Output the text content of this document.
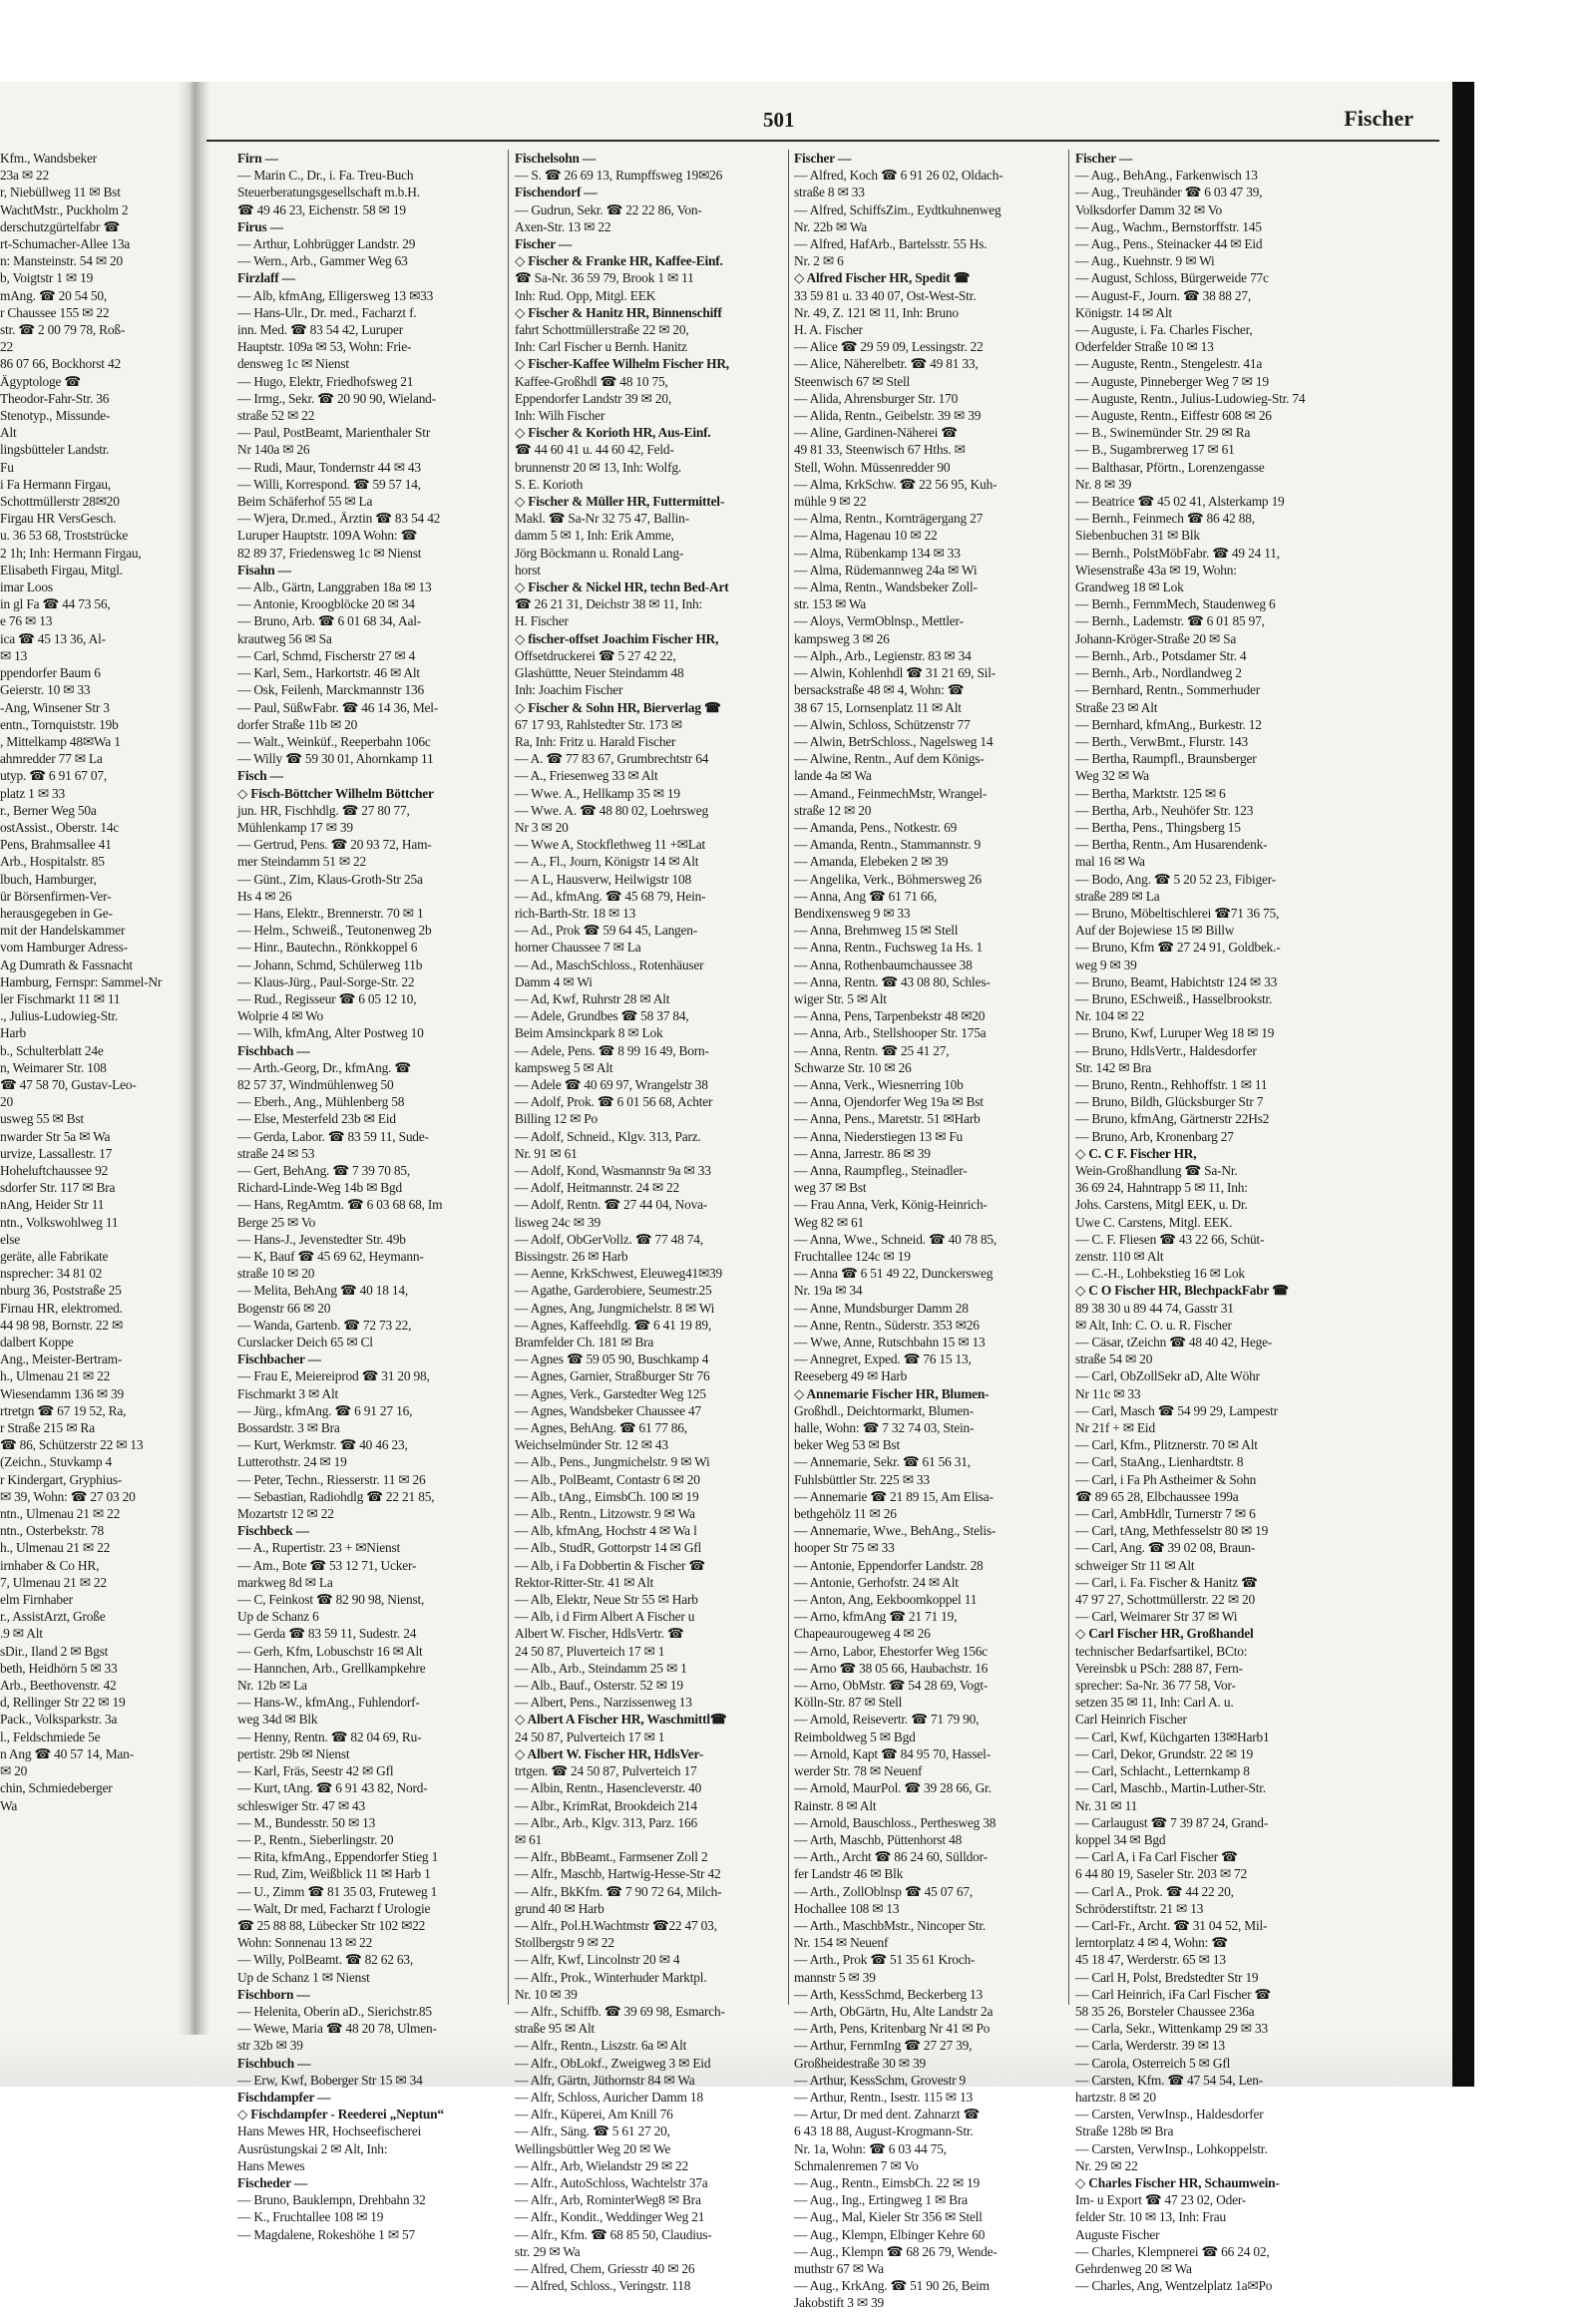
501	Fischer
Kfm., Wandsbeker
23a ✉ 22
r, Niebüllweg 11 ✉ Bst
WachtMstr., Puckholm 2
derschutzgürtelfabr ☎
rt-Schumacher-Allee 13a
n: Mansteinstr. 54 ✉ 20
b, Voigtstr 1 ✉ 19
mAng. ☎ 20 54 50,
r Chaussee 155 ✉ 22
str. ☎ 2 00 79 78, Roß-
22
86 07 66, Bockhorst 42
Ägyptologe ☎
Theodor-Fahr-Str. 36
Stenotyp., Missunde-
Alt
lingsbütteler Landstr.
Fu
i Fa Hermann Firgau,
Schottmüllerstr 28✉20
Firgau HR VersGesch.
u. 36 53 68, Troststrücke
2 1h; Inh: Hermann Firgau,
Elisabeth Firgau, Mitgl.
imar Loos
in gl Fa ☎ 44 73 56,
e 76 ✉ 13
ica ☎ 45 13 36, Al-
✉ 13
ppendorfer Baum 6
Geierstr. 10 ✉ 33
-Ang, Winsener Str 3
entn., Tornquiststr. 19b
, Mittelkamp 48✉Wa 1
ahmredder 77 ✉ La
utyp. ☎ 6 91 67 07,
platz 1 ✉ 33
r., Berner Weg 50a
ostAssist., Oberstr. 14c
Pens, Brahmsallee 41
Arb., Hospitalstr. 85
lbuch, Hamburger,
ür Börsenfirmen-Ver-
herausgegeben in Ge-
mit der Handelskammer
vom Hamburger Adress-
Ag Dumrath & Fassnacht
Hamburg, Fernspr: Sammel-Nr
ler Fischmarkt 11 ✉ 11
., Julius-Ludowieg-Str.
Harb
b., Schulterblatt 24e
n, Weimarer Str. 108
☎ 47 58 70, Gustav-Leo-
20
usweg 55 ✉ Bst
nwarder Str 5a ✉ Wa
urvize, Lassallestr. 17
Hoheluftchaussee 92
sdorfer Str. 117 ✉ Bra
nAng, Heider Str 11
ntn., Volkswohlweg 11
else
geräte, alle Fabrikate
nsprecher: 34 81 02
nburg 36, Poststraße 25
Firnau HR, elektromed.
44 98 98, Bornstr. 22 ✉
dalbert Koppe
Ang., Meister-Bertram-
h., Ulmenau 21 ✉ 22
Wiesendamm 136 ✉ 39
rtretgn ☎ 67 19 52, Ra,
r Straße 215 ✉ Ra
☎ 86, Schützerstr 22 ✉ 13
(Zeichn., Stuvkamp 4
r Kindergart, Gryphius-
✉ 39, Wohn: ☎ 27 03 20
ntn., Ulmenau 21 ✉ 22
ntn., Osterbekstr. 78
h., Ulmenau 21 ✉ 22
irnhaber & Co HR,
7, Ulmenau 21 ✉ 22
elm Firnhaber
r., AssistArzt, Große
.9 ✉ Alt
sDir., Iland 2 ✉ Bgst
beth, Heidhörn 5 ✉ 33
Arb., Beethovenstr. 42
d, Rellinger Str 22 ✉ 19
Pack., Volksparkstr. 3a
l., Feldschmiede 5e
n Ang ☎ 40 57 14, Man-
✉ 20
chin, Schmiedeberger
Wa
Firn —
— Marin C., Dr., i. Fa. Treu-Buch
Steuerberatungsgesellschaft m.b.H.
☎ 49 46 23, Eichenstr. 58 ✉ 19
Firus —
— Arthur, Lohbrügger Landstr. 29
— Wern., Arb., Gammer Weg 63
Firzlaff —
— Alb, kfmAng, Elligersweg 13 ✉33
— Hans-Ulr., Dr. med., Facharzt f.
inn. Med. ☎ 83 54 42, Luruper
Hauptstr. 109a ✉ 53, Wohn: Frie-
densweg 1c ✉ Nienst
— Hugo, Elektr, Friedhofsweg 21
— Irmg., Sekr. ☎ 20 90 90, Wieland-
straße 52 ✉ 22
— Paul, PostBeamt, Marienthaler Str
Nr 140a ✉ 26
— Rudi, Maur, Tondernstr 44 ✉ 43
— Willi, Korrespond. ☎ 59 57 14,
Beim Schäferhof 55 ✉ La
— Wjera, Dr.med., Ärztin ☎ 83 54 42
Luruper Hauptstr. 109A Wohn: ☎
82 89 37, Friedensweg 1c ✉ Nienst
Fisahn —
— Alb., Gärtn, Langgraben 18a ✉ 13
— Antonie, Kroogblöcke 20 ✉ 34
— Bruno, Arb. ☎ 6 01 68 34, Aal-
krautweg 56 ✉ Sa
— Carl, Schmd, Fischerstr 27 ✉ 4
— Karl, Sem., Harkortstr. 46 ✉ Alt
— Osk, Feilenh, Marckmannstr 136
— Paul, SüßwFabr. ☎ 46 14 36, Mel-
dorfer Straße 11b ✉ 20
— Walt., Weinküf., Reeperbahn 106c
— Willy ☎ 59 30 01, Ahornkamp 11
Fisch —
◇ Fisch-Böttcher Wilhelm Böttcher
jun. HR, Fischhdlg. ☎ 27 80 77,
Mühlenkamp 17 ✉ 39
— Gertrud, Pens. ☎ 20 93 72, Ham-
mer Steindamm 51 ✉ 22
— Günt., Zim, Klaus-Groth-Str 25a
Hs 4 ✉ 26
— Hans, Elektr., Brennerstr. 70 ✉ 1
— Helm., Schweiß., Teutonenweg 2b
— Hinr., Bautechn., Rönkkoppel 6
— Johann, Schmd, Schülerweg 11b
— Klaus-Jürg., Paul-Sorge-Str. 22
— Rud., Regisseur ☎ 6 05 12 10,
Wolprie 4 ✉ Wo
— Wilh, kfmAng, Alter Postweg 10
Fischbach —
— Arth.-Georg, Dr., kfmAng. ☎
82 57 37, Windmühlenweg 50
— Eberh., Ang., Mühlenberg 58
— Else, Mesterfeld 23b ✉ Eid
— Gerda, Labor. ☎ 83 59 11, Sude-
straße 24 ✉ 53
— Gert, BehAng. ☎ 7 39 70 85,
Richard-Linde-Weg 14b ✉ Bgd
— Hans, RegAmtm. ☎ 6 03 68 68, Im
Berge 25 ✉ Vo
— Hans-J., Jevenstedter Str. 49b
— K, Bauf ☎ 45 69 62, Heymann-
straße 10 ✉ 20
— Melita, BehAng ☎ 40 18 14,
Bogenstr 66 ✉ 20
— Wanda, Gartenb. ☎ 72 73 22,
Curslacker Deich 65 ✉ Cl
Fischbacher —
— Frau E, Meiereiprod ☎ 31 20 98,
Fischmarkt 3 ✉ Alt
— Jürg., kfmAng. ☎ 6 91 27 16,
Bossardstr. 3 ✉ Bra
— Kurt, Werkmstr. ☎ 40 46 23,
Lutterothstr. 24 ✉ 19
— Peter, Techn., Riesserstr. 11 ✉ 26
— Sebastian, Radiohdlg ☎ 22 21 85,
Mozartstr 12 ✉ 22
Fischbeck —
— A., Rupertistr. 23 + ✉Nienst
— Am., Bote ☎ 53 12 71, Ucker-
markweg 8d ✉ La
— C, Feinkost ☎ 82 90 98, Nienst,
Up de Schanz 6
— Gerda ☎ 83 59 11, Sudestr. 24
— Gerh, Kfm, Lobuschstr 16 ✉ Alt
— Hannchen, Arb., Grellkampkehre
Nr. 12b ✉ La
— Hans-W., kfmAng., Fuhlendorf-
weg 34d ✉ Blk
— Henny, Rentn. ☎ 82 04 69, Ru-
pertistr. 29b ✉ Nienst
— Karl, Fräs, Seestr 42 ✉ Gfl
— Kurt, tAng. ☎ 6 91 43 82, Nord-
schleswiger Str. 47 ✉ 43
— M., Bundesstr. 50 ✉ 13
— P., Rentn., Sieberlingstr. 20
— Rita, kfmAng., Eppendorfer Stieg 1
— Rud, Zim, Weißblick 11 ✉ Harb 1
— U., Zimm ☎ 81 35 03, Fruteweg 1
— Walt, Dr med, Facharzt f Urologie
☎ 25 88 88, Lübecker Str 102 ✉22
Wohn: Sonnenau 13 ✉ 22
— Willy, PolBeamt. ☎ 82 62 63,
Up de Schanz 1 ✉ Nienst
Fischborn —
— Helenita, Oberin aD., Sierichstr.85
— Wewe, Maria ☎ 48 20 78, Ulmen-
str 32b ✉ 39
Fischbuch —
— Erw, Kwf, Boberger Str 15 ✉ 34
Fischdampfer —
◇ Fischdampfer - Reederei „Neptun“
Hans Mewes HR, Hochseefischerei
Ausrüstungskai 2 ✉ Alt, Inh:
Hans Mewes
Fischeder —
— Bruno, Bauklempn, Drehbahn 32
— K., Fruchtallee 108 ✉ 19
— Magdalene, Rokeshöhe 1 ✉ 57
Fischelsohn —
— S. ☎ 26 69 13, Rumpffsweg 19✉26
Fischendorf —
— Gudrun, Sekr. ☎ 22 22 86, Von-
Axen-Str. 13 ✉ 22
Fischer —
◇ Fischer & Franke HR, Kaffee-Einf.
☎ Sa-Nr. 36 59 79, Brook 1 ✉ 11
Inh: Rud. Opp, Mitgl. EEK
◇ Fischer & Hanitz HR, Binnenschiff
fahrt Schottmüllerstraße 22 ✉ 20,
Inh: Carl Fischer u Bernh. Hanitz
◇ Fischer-Kaffee Wilhelm Fischer HR,
Kaffee-Großhdl ☎ 48 10 75,
Eppendorfer Landstr 39 ✉ 20,
Inh: Wilh Fischer
◇ Fischer & Korioth HR, Aus-Einf.
☎ 44 60 41 u. 44 60 42, Feld-
brunnenstr 20 ✉ 13, Inh: Wolfg.
S. E. Korioth
◇ Fischer & Müller HR, Futtermittel-
Makl. ☎ Sa-Nr 32 75 47, Ballin-
damm 5 ✉ 1, Inh: Erik Amme,
Jörg Böckmann u. Ronald Lang-
horst
◇ Fischer & Nickel HR, techn Bed-Art
☎ 26 21 31, Deichstr 38 ✉ 11, Inh:
H. Fischer
◇ fischer-offset Joachim Fischer HR,
Offsetdruckerei ☎ 5 27 42 22,
Glashüttte, Neuer Steindamm 48
Inh: Joachim Fischer
◇ Fischer & Sohn HR, Bierverlag ☎
67 17 93, Rahlstedter Str. 173 ✉
Ra, Inh: Fritz u. Harald Fischer
— A. ☎ 77 83 67, Grumbrechtstr 64
— A., Friesenweg 33 ✉ Alt
— Wwe. A., Hellkamp 35 ✉ 19
— Wwe. A. ☎ 48 80 02, Loehrsweg
Nr 3 ✉ 20
— Wwe A, Stockflethweg 11 +✉Lat
— A., Fl., Journ, Königstr 14 ✉ Alt
— A L, Hausverw, Heilwigstr 108
— Ad., kfmAng. ☎ 45 68 79, Hein-
rich-Barth-Str. 18 ✉ 13
— Ad., Prok ☎ 59 64 45, Langen-
horner Chaussee 7 ✉ La
— Ad., MaschSchloss., Rotenhäuser
Damm 4 ✉ Wi
— Ad, Kwf, Ruhrstr 28 ✉ Alt
— Adele, Grundbes ☎ 58 37 84,
Beim Amsinckpark 8 ✉ Lok
— Adele, Pens. ☎ 8 99 16 49, Born-
kampsweg 5 ✉ Alt
— Adele ☎ 40 69 97, Wrangelstr 38
— Adolf, Prok. ☎ 6 01 56 68, Achter
Billing 12 ✉ Po
— Adolf, Schneid., Klgv. 313, Parz.
Nr. 91 ✉ 61
— Adolf, Kond, Wasmannstr 9a ✉ 33
— Adolf, Heitmannstr. 24 ✉ 22
— Adolf, Rentn. ☎ 27 44 04, Nova-
lisweg 24c ✉ 39
— Adolf, ObGerVollz. ☎ 77 48 74,
Bissingstr. 26 ✉ Harb
— Aenne, KrkSchwest, Eleuweg41✉39
— Agathe, Garderobiere, Seumestr.25
— Agnes, Ang, Jungmichelstr. 8 ✉ Wi
— Agnes, Kaffeehdlg. ☎ 6 41 19 89,
Bramfelder Ch. 181 ✉ Bra
— Agnes ☎ 59 05 90, Buschkamp 4
— Agnes, Garnier, Straßburger Str 76
— Agnes, Verk., Garstedter Weg 125
— Agnes, Wandsbeker Chaussee 47
— Agnes, BehAng. ☎ 61 77 86,
Weichselmünder Str. 12 ✉ 43
— Alb., Pens., Jungmichelstr. 9 ✉ Wi
— Alb., PolBeamt, Contastr 6 ✉ 20
— Alb., tAng., EimsbCh. 100 ✉ 19
— Alb., Rentn., Litzowstr. 9 ✉ Wa
— Alb, kfmAng, Hochstr 4 ✉ Wa l
— Alb., StudR, Gottorpstr 14 ✉ Gfl
— Alb, i Fa Dobbertin & Fischer ☎
Rektor-Ritter-Str. 41 ✉ Alt
— Alb, Elektr, Neue Str 55 ✉ Harb
— Alb, i d Firm Albert A Fischer u
Albert W. Fischer, HdlsVertr. ☎
24 50 87, Pluverteich 17 ✉ 1
— Alb., Arb., Steindamm 25 ✉ 1
— Alb., Bauf., Osterstr. 52 ✉ 19
— Albert, Pens., Narzissenweg 13
◇ Albert A Fischer HR, Waschmittl☎
24 50 87, Pulverteich 17 ✉ 1
◇ Albert W. Fischer HR, HdlsVer-
trtgen. ☎ 24 50 87, Pulverteich 17
— Albin, Rentn., Hasencleverstr. 40
— Albr., KrimRat, Brookdeich 214
— Albr., Arb., Klgv. 313, Parz. 166
✉ 61
— Alfr., BbBeamt., Farmsener Zoll 2
— Alfr., Maschb, Hartwig-Hesse-Str 42
— Alfr., BkKfm. ☎ 7 90 72 64, Milch-
grund 40 ✉ Harb
— Alfr., Pol.H.Wachtmstr ☎22 47 03,
Stollbergstr 9 ✉ 22
— Alfr, Kwf, Lincolnstr 20 ✉ 4
— Alfr., Prok., Winterhuder Marktpl.
Nr. 10 ✉ 39
— Alfr., Schiffb. ☎ 39 69 98, Esmarch-
straße 95 ✉ Alt
— Alfr., Rentn., Liszstr. 6a ✉ Alt
— Alfr., ObLokf., Zweigweg 3 ✉ Eid
— Alfr, Gärtn, Jüthornstr 84 ✉ Wa
— Alfr, Schloss, Auricher Damm 18
— Alfr., Küperei, Am Knill 76
— Alfr., Säng. ☎ 5 61 27 20,
Wellingsbüttler Weg 20 ✉ We
— Alfr., Arb, Wielandstr 29 ✉ 22
— Alfr., AutoSchloss, Wachtelstr 37a
— Alfr., Arb, RominterWeg8 ✉ Bra
— Alfr., Kondit., Weddinger Weg 21
— Alfr., Kfm. ☎ 68 85 50, Claudius-
str. 29 ✉ Wa
— Alfred, Chem, Griesstr 40 ✉ 26
— Alfred, Schloss., Veringstr. 118
Fischer —
— Alfred, Koch ☎ 6 91 26 02, Oldach-
straße 8 ✉ 33
— Alfred, SchiffsZim., Eydtkuhnenweg
Nr. 22b ✉ Wa
— Alfred, HafArb., Bartelsstr. 55 Hs.
Nr. 2 ✉ 6
◇ Alfred Fischer HR, Spedit ☎
33 59 81 u. 33 40 07, Ost-West-Str.
Nr. 49, Z. 121 ✉ 11, Inh: Bruno
H. A. Fischer
— Alice ☎ 29 59 09, Lessingstr. 22
— Alice, Näherelbetr. ☎ 49 81 33,
Steenwisch 67 ✉ Stell
— Alida, Ahrensburger Str. 170
— Alida, Rentn., Geibelstr. 39 ✉ 39
— Aline, Gardinen-Näherei ☎
49 81 33, Steenwisch 67 Hths. ✉
Stell, Wohn. Müssenredder 90
— Alma, KrkSchw. ☎ 22 56 95, Kuh-
mühle 9 ✉ 22
— Alma, Rentn., Kornträgergang 27
— Alma, Hagenau 10 ✉ 22
— Alma, Rübenkamp 134 ✉ 33
— Alma, Rüdemannweg 24a ✉ Wi
— Alma, Rentn., Wandsbeker Zoll-
str. 153 ✉ Wa
— Aloys, VermOblnsp., Mettler-
kampsweg 3 ✉ 26
— Alph., Arb., Legienstr. 83 ✉ 34
— Alwin, Kohlenhdl ☎ 31 21 69, Sil-
bersackstraße 48 ✉ 4, Wohn: ☎
38 67 15, Lornsenplatz 11 ✉ Alt
— Alwin, Schloss, Schützenstr 77
— Alwin, BetrSchloss., Nagelsweg 14
— Alwine, Rentn., Auf dem Königs-
lande 4a ✉ Wa
— Amand., FeinmechMstr, Wrangel-
straße 12 ✉ 20
— Amanda, Pens., Notkestr. 69
— Amanda, Rentn., Stammannstr. 9
— Amanda, Elebeken 2 ✉ 39
— Angelika, Verk., Böhmersweg 26
— Anna, Ang ☎ 61 71 66,
Bendixensweg 9 ✉ 33
— Anna, Brehmweg 15 ✉ Stell
— Anna, Rentn., Fuchsweg 1a Hs. 1
— Anna, Rothenbaumchaussee 38
— Anna, Rentn. ☎ 43 08 80, Schles-
wiger Str. 5 ✉ Alt
— Anna, Pens, Tarpenbekstr 48 ✉20
— Anna, Arb., Stellshooper Str. 175a
— Anna, Rentn. ☎ 25 41 27,
Schwarze Str. 10 ✉ 26
— Anna, Verk., Wiesnerring 10b
— Anna, Ojendorfer Weg 19a ✉ Bst
— Anna, Pens., Maretstr. 51 ✉Harb
— Anna, Niederstiegen 13 ✉ Fu
— Anna, Jarrestr. 86 ✉ 39
— Anna, Raumpfleg., Steinadler-
weg 37 ✉ Bst
— Frau Anna, Verk, König-Heinrich-
Weg 82 ✉ 61
— Anna, Wwe., Schneid. ☎ 40 78 85,
Fruchtallee 124c ✉ 19
— Anna ☎ 6 51 49 22, Dunckersweg
Nr. 19a ✉ 34
— Anne, Mundsburger Damm 28
— Anne, Rentn., Süderstr. 353 ✉26
— Wwe, Anne, Rutschbahn 15 ✉ 13
— Annegret, Exped. ☎ 76 15 13,
Reeseberg 49 ✉ Harb
◇ Annemarie Fischer HR, Blumen-
Großhdl., Deichtormarkt, Blumen-
halle, Wohn: ☎ 7 32 74 03, Stein-
beker Weg 53 ✉ Bst
— Annemarie, Sekr. ☎ 61 56 31,
Fuhlsbüttler Str. 225 ✉ 33
— Annemarie ☎ 21 89 15, Am Elisa-
bethgehölz 11 ✉ 26
— Annemarie, Wwe., BehAng., Stelis-
hooper Str 75 ✉ 33
— Antonie, Eppendorfer Landstr. 28
— Antonie, Gerhofstr. 24 ✉ Alt
— Anton, Ang, Eekboomkoppel 11
— Arno, kfmAng ☎ 21 71 19,
Chapeaurougeweg 4 ✉ 26
— Arno, Labor, Ehestorfer Weg 156c
— Arno ☎ 38 05 66, Haubachstr. 16
— Arno, ObMstr. ☎ 54 28 69, Vogt-
Kölln-Str. 87 ✉ Stell
— Arnold, Reisevertr. ☎ 71 79 90,
Reimboldweg 5 ✉ Bgd
— Arnold, Kapt ☎ 84 95 70, Hassel-
werder Str. 78 ✉ Neuenf
— Arnold, MaurPol. ☎ 39 28 66, Gr.
Rainstr. 8 ✉ Alt
— Arnold, Bauschloss., Perthesweg 38
— Arth, Maschb, Püttenhorst 48
— Arth., Archt ☎ 86 24 60, Sülldor-
fer Landstr 46 ✉ Blk
— Arth., ZollOblnsp ☎ 45 07 67,
Hochallee 108 ✉ 13
— Arth., MaschbMstr., Nincoper Str.
Nr. 154 ✉ Neuenf
— Arth., Prok ☎ 51 35 61 Kroch-
mannstr 5 ✉ 39
— Arth, KessSchmd, Beckerberg 13
— Arth, ObGärtn, Hu, Alte Landstr 2a
— Arth, Pens, Kritenbarg Nr 41 ✉ Po
— Arthur, FernmIng ☎ 27 27 39,
Großheidestraße 30 ✉ 39
— Arthur, KessSchm, Grovestr 9
— Arthur, Rentn., Isestr. 115 ✉ 13
— Artur, Dr med dent. Zahnarzt ☎
6 43 18 88, August-Krogmann-Str.
Nr. 1a, Wohn: ☎ 6 03 44 75,
Schmalenremen 7 ✉ Vo
— Aug., Rentn., EimsbCh. 22 ✉ 19
— Aug., Ing., Ertingweg 1 ✉ Bra
— Aug., Mal, Kieler Str 356 ✉ Stell
— Aug., Klempn, Elbinger Kehre 60
— Aug., Klempn ☎ 68 26 79, Wende-
muthstr 67 ✉ Wa
— Aug., KrkAng. ☎ 51 90 26, Beim
Jakobstift 3 ✉ 39
Fischer —
— Aug., BehAng., Farkenwisch 13
— Aug., Treuhänder ☎ 6 03 47 39,
Volksdorfer Damm 32 ✉ Vo
— Aug., Wachm., Bernstorffstr. 145
— Aug., Pens., Steinacker 44 ✉ Eid
— Aug., Kuehnstr. 9 ✉ Wi
— August, Schloss, Bürgerweide 77c
— August-F., Journ. ☎ 38 88 27,
Königstr. 14 ✉ Alt
— Auguste, i. Fa. Charles Fischer,
Oderfelder Straße 10 ✉ 13
— Auguste, Rentn., Stengelestr. 41a
— Auguste, Pinneberger Weg 7 ✉ 19
— Auguste, Rentn., Julius-Ludowieg-Str. 74
— Auguste, Rentn., Eiffestr 608 ✉ 26
— B., Swinemünder Str. 29 ✉ Ra
— B., Sugambrerweg 17 ✉ 61
— Balthasar, Pförtn., Lorenzengasse
Nr. 8 ✉ 39
— Beatrice ☎ 45 02 41, Alsterkamp 19
— Bernh., Feinmech ☎ 86 42 88,
Siebenbuchen 31 ✉ Blk
— Bernh., PolstMöbFabr. ☎ 49 24 11,
Wiesenstraße 43a ✉ 19, Wohn:
Grandweg 18 ✉ Lok
— Bernh., FernmMech, Staudenweg 6
— Bernh., Lademstr. ☎ 6 01 85 97,
Johann-Kröger-Straße 20 ✉ Sa
— Bernh., Arb., Potsdamer Str. 4
— Bernh., Arb., Nordlandweg 2
— Bernhard, Rentn., Sommerhuder
Straße 23 ✉ Alt
— Bernhard, kfmAng., Burkestr. 12
— Berth., VerwBmt., Flurstr. 143
— Bertha, Raumpfl., Braunsberger
Weg 32 ✉ Wa
— Bertha, Marktstr. 125 ✉ 6
— Bertha, Arb., Neuhöfer Str. 123
— Bertha, Pens., Thingsberg 15
— Bertha, Rentn., Am Husarendenk-
mal 16 ✉ Wa
— Bodo, Ang. ☎ 5 20 52 23, Fibiger-
straße 289 ✉ La
— Bruno, Möbeltischlerei ☎71 36 75,
Auf der Bojewiese 15 ✉ Billw
— Bruno, Kfm ☎ 27 24 91, Goldbek.-
weg 9 ✉ 39
— Bruno, Beamt, Habichtstr 124 ✉ 33
— Bruno, ESchweiß., Hasselbrookstr.
Nr. 104 ✉ 22
— Bruno, Kwf, Luruper Weg 18 ✉ 19
— Bruno, HdlsVertr., Haldesdorfer
Str. 142 ✉ Bra
— Bruno, Rentn., Rehhoffstr. 1 ✉ 11
— Bruno, Bildh, Glücksburger Str 7
— Bruno, kfmAng, Gärtnerstr 22Hs2
— Bruno, Arb, Kronenbarg 27
◇ C. C F. Fischer HR,
Wein-Großhandlung ☎ Sa-Nr.
36 69 24, Hahntrapp 5 ✉ 11, Inh:
Johs. Carstens, Mitgl EEK, u. Dr.
Uwe C. Carstens, Mitgl. EEK.
— C. F. Fliesen ☎ 43 22 66, Schüt-
zenstr. 110 ✉ Alt
— C.-H., Lohbekstieg 16 ✉ Lok
◇ C O Fischer HR, BlechpackFabr ☎
89 38 30 u 89 44 74, Gasstr 31
✉ Alt, Inh: C. O. u. R. Fischer
— Cäsar, tZeichn ☎ 48 40 42, Hege-
straße 54 ✉ 20
— Carl, ObZollSekr aD, Alte Wöhr
Nr 11c ✉ 33
— Carl, Masch ☎ 54 99 29, Lampestr
Nr 21f + ✉ Eid
— Carl, Kfm., Plitznerstr. 70 ✉ Alt
— Carl, StaAng., Lienhardtstr. 8
— Carl, i Fa Ph Astheimer & Sohn
☎ 89 65 28, Elbchaussee 199a
— Carl, AmbHdlr, Turnerstr 7 ✉ 6
— Carl, tAng, Methfesselstr 80 ✉ 19
— Carl, Ang. ☎ 39 02 08, Braun-
schweiger Str 11 ✉ Alt
— Carl, i. Fa. Fischer & Hanitz ☎
47 97 27, Schottmüllerstr. 22 ✉ 20
— Carl, Weimarer Str 37 ✉ Wi
◇ Carl Fischer HR, Großhandel
technischer Bedarfsartikel, BCto:
Vereinsbk u PSch: 288 87, Fern-
sprecher: Sa-Nr. 36 77 58, Vor-
setzen 35 ✉ 11, Inh: Carl A. u.
Carl Heinrich Fischer
— Carl, Kwf, Küchgarten 13✉Harb1
— Carl, Dekor, Grundstr. 22 ✉ 19
— Carl, Schlacht., Letternkamp 8
— Carl, Maschb., Martin-Luther-Str.
Nr. 31 ✉ 11
— Carlaugust ☎ 7 39 87 24, Grand-
koppel 34 ✉ Bgd
— Carl A, i Fa Carl Fischer ☎
6 44 80 19, Saseler Str. 203 ✉ 72
— Carl A., Prok. ☎ 44 22 20,
Schröderstiftstr. 21 ✉ 13
— Carl-Fr., Archt. ☎ 31 04 52, Mil-
lerntorplatz 4 ✉ 4, Wohn: ☎
45 18 47, Werderstr. 65 ✉ 13
— Carl H, Polst, Bredstedter Str 19
— Carl Heinrich, iFa Carl Fischer ☎
58 35 26, Borsteler Chaussee 236a
— Carla, Sekr., Wittenkamp 29 ✉ 33
— Carla, Werderstr. 39 ✉ 13
— Carola, Osterreich 5 ✉ Gfl
— Carsten, Kfm. ☎ 47 54 54, Len-
hartzstr. 8 ✉ 20
— Carsten, VerwInsp., Haldesdorfer
Straße 128b ✉ Bra
— Carsten, VerwInsp., Lohkoppelstr.
Nr. 29 ✉ 22
◇ Charles Fischer HR, Schaumwein-
Im- u Export ☎ 47 23 02, Oder-
felder Str. 10 ✉ 13, Inh: Frau
Auguste Fischer
— Charles, Klempnerei ☎ 66 24 02,
Gehrdenweg 20 ✉ Wa
— Charles, Ang, Wentzelplatz 1a✉Po
